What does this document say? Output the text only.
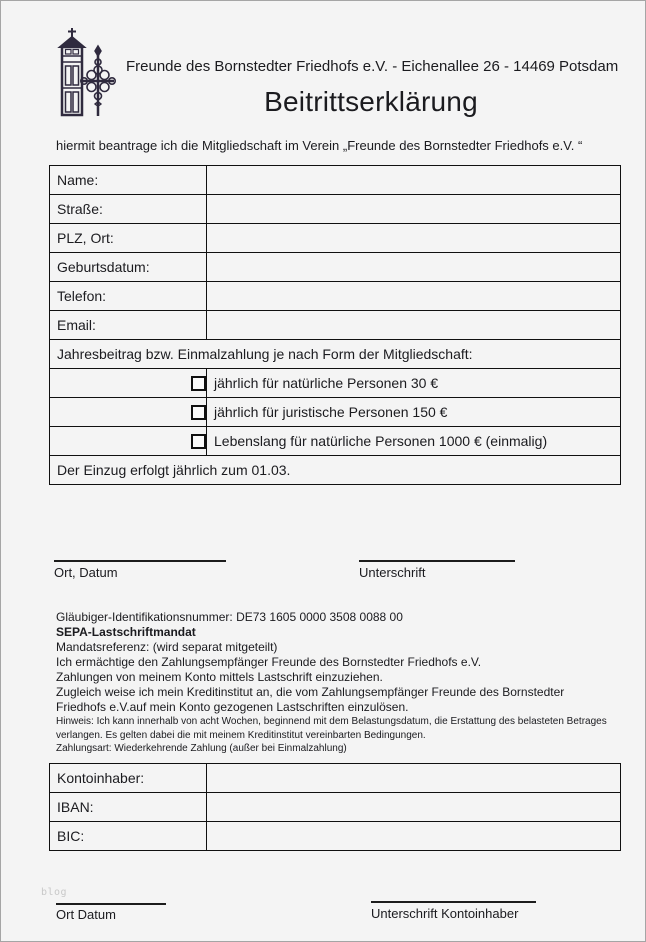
Freunde des Bornstedter Friedhofs e.V. - Eichenallee 26 - 14469 Potsdam
Beitrittserklärung
hiermit beantrage ich die Mitgliedschaft im Verein „Freunde des Bornstedter Friedhofs e.V. “
Name:	
Straße:	
PLZ, Ort:	
Geburtsdatum:	
Telefon:	
Email:	
Jahresbeitrag bzw. Einmalzahlung je nach Form der Mitgliedschaft:	
	jährlich für natürliche Personen 30 €
	jährlich für juristische Personen 150 €
	Lebenslang für natürliche Personen 1000 € (einmalig)
Der Einzug erfolgt jährlich zum 01.03.	
Ort, Datum	Unterschrift
Gläubiger-Identifikationsnummer: DE73 1605 0000 3508 0088 00
SEPA-Lastschriftmandat
Mandatsreferenz: (wird separat mitgeteilt)
Ich ermächtige den Zahlungsempfänger Freunde des Bornstedter Friedhofs e.V.
Zahlungen von meinem Konto mittels Lastschrift einzuziehen.
Zugleich weise ich mein Kreditinstitut an, die vom Zahlungsempfänger Freunde des Bornstedter
Friedhofs e.V.auf mein Konto gezogenen Lastschriften einzulösen.
Hinweis: Ich kann innerhalb von acht Wochen, beginnend mit dem Belastungsdatum, die Erstattung des belasteten Betrages
verlangen. Es gelten dabei die mit meinem Kreditinstitut vereinbarten Bedingungen.
Zahlungsart: Wiederkehrende Zahlung (außer bei Einmalzahlung)
Kontoinhaber:	
IBAN:	
BIC:	
blog
Ort Datum	Unterschrift Kontoinhaber
